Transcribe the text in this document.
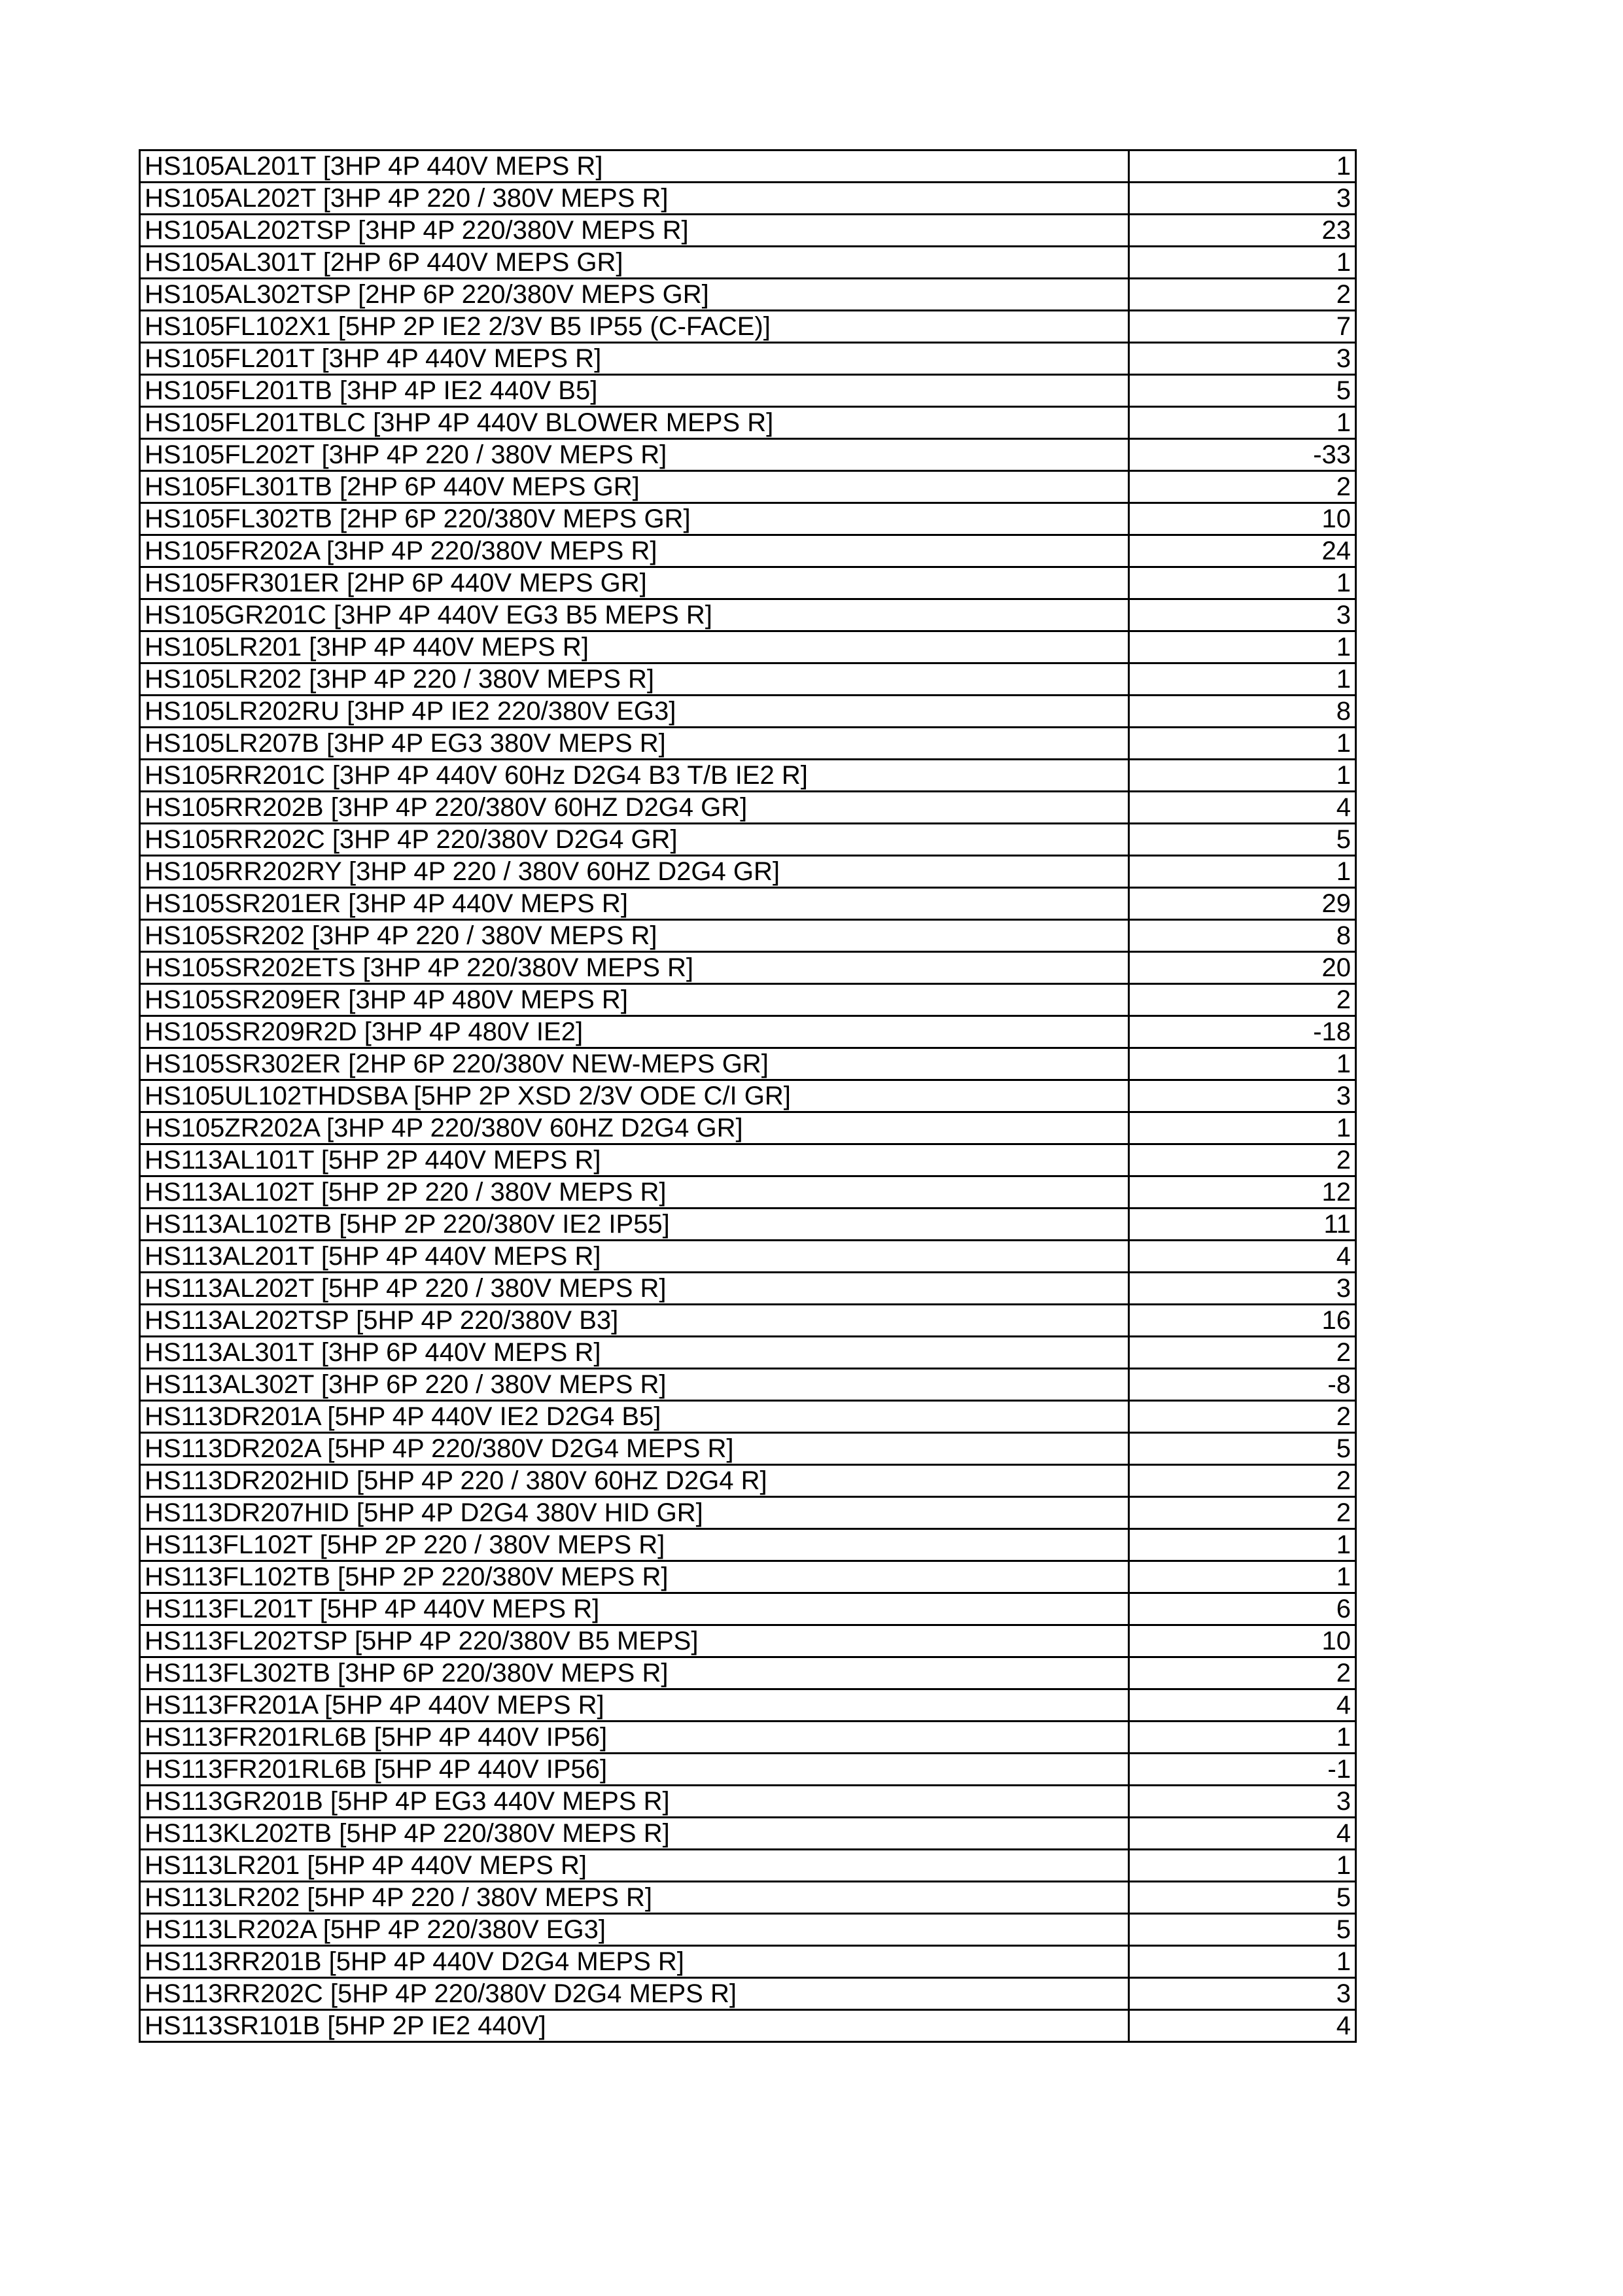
HS105AL201T [3HP 4P 440V MEPS R]	1
HS105AL202T [3HP 4P 220 / 380V MEPS R]	3
HS105AL202TSP [3HP 4P 220/380V MEPS R]	23
HS105AL301T [2HP 6P 440V MEPS GR]	1
HS105AL302TSP [2HP 6P 220/380V MEPS GR]	2
HS105FL102X1 [5HP 2P IE2 2/3V B5 IP55 (C-FACE)]	7
HS105FL201T [3HP 4P 440V MEPS R]	3
HS105FL201TB [3HP 4P IE2 440V B5]	5
HS105FL201TBLC [3HP 4P 440V BLOWER MEPS R]	1
HS105FL202T [3HP 4P 220 / 380V MEPS R]	-33
HS105FL301TB [2HP 6P 440V MEPS GR]	2
HS105FL302TB [2HP 6P 220/380V MEPS GR]	10
HS105FR202A [3HP 4P 220/380V MEPS R]	24
HS105FR301ER [2HP 6P 440V MEPS GR]	1
HS105GR201C [3HP 4P 440V EG3 B5 MEPS R]	3
HS105LR201 [3HP 4P 440V MEPS R]	1
HS105LR202 [3HP 4P 220 / 380V MEPS R]	1
HS105LR202RU [3HP 4P IE2 220/380V EG3]	8
HS105LR207B [3HP 4P EG3 380V MEPS R]	1
HS105RR201C [3HP 4P 440V 60Hz D2G4 B3 T/B IE2 R]	1
HS105RR202B [3HP 4P 220/380V 60HZ D2G4 GR]	4
HS105RR202C [3HP 4P 220/380V D2G4 GR]	5
HS105RR202RY [3HP 4P 220 / 380V 60HZ D2G4 GR]	1
HS105SR201ER [3HP 4P 440V MEPS R]	29
HS105SR202 [3HP 4P 220 / 380V MEPS R]	8
HS105SR202ETS [3HP 4P 220/380V MEPS R]	20
HS105SR209ER [3HP 4P 480V MEPS R]	2
HS105SR209R2D [3HP 4P 480V IE2]	-18
HS105SR302ER [2HP 6P 220/380V NEW-MEPS GR]	1
HS105UL102THDSBA [5HP 2P XSD 2/3V ODE C/I GR]	3
HS105ZR202A [3HP 4P 220/380V 60HZ D2G4 GR]	1
HS113AL101T [5HP 2P 440V MEPS R]	2
HS113AL102T [5HP 2P 220 / 380V MEPS R]	12
HS113AL102TB [5HP 2P 220/380V IE2 IP55]	11
HS113AL201T [5HP 4P 440V MEPS R]	4
HS113AL202T [5HP 4P 220 / 380V MEPS R]	3
HS113AL202TSP [5HP 4P 220/380V B3]	16
HS113AL301T [3HP 6P 440V MEPS R]	2
HS113AL302T [3HP 6P 220 / 380V MEPS R]	-8
HS113DR201A [5HP 4P 440V IE2 D2G4 B5]	2
HS113DR202A [5HP 4P 220/380V D2G4 MEPS R]	5
HS113DR202HID [5HP 4P 220 / 380V 60HZ D2G4 R]	2
HS113DR207HID [5HP 4P D2G4 380V HID GR]	2
HS113FL102T [5HP 2P 220 / 380V MEPS R]	1
HS113FL102TB [5HP 2P 220/380V MEPS R]	1
HS113FL201T [5HP 4P 440V MEPS R]	6
HS113FL202TSP [5HP 4P 220/380V B5 MEPS]	10
HS113FL302TB [3HP 6P 220/380V MEPS R]	2
HS113FR201A [5HP 4P 440V MEPS R]	4
HS113FR201RL6B [5HP 4P 440V IP56]	1
HS113FR201RL6B [5HP 4P 440V IP56]	-1
HS113GR201B [5HP 4P EG3 440V MEPS R]	3
HS113KL202TB [5HP 4P 220/380V MEPS R]	4
HS113LR201 [5HP 4P 440V MEPS R]	1
HS113LR202 [5HP 4P 220 / 380V MEPS R]	5
HS113LR202A [5HP 4P 220/380V EG3]	5
HS113RR201B [5HP 4P 440V D2G4 MEPS R]	1
HS113RR202C [5HP 4P 220/380V D2G4 MEPS R]	3
HS113SR101B [5HP 2P IE2 440V]	4
